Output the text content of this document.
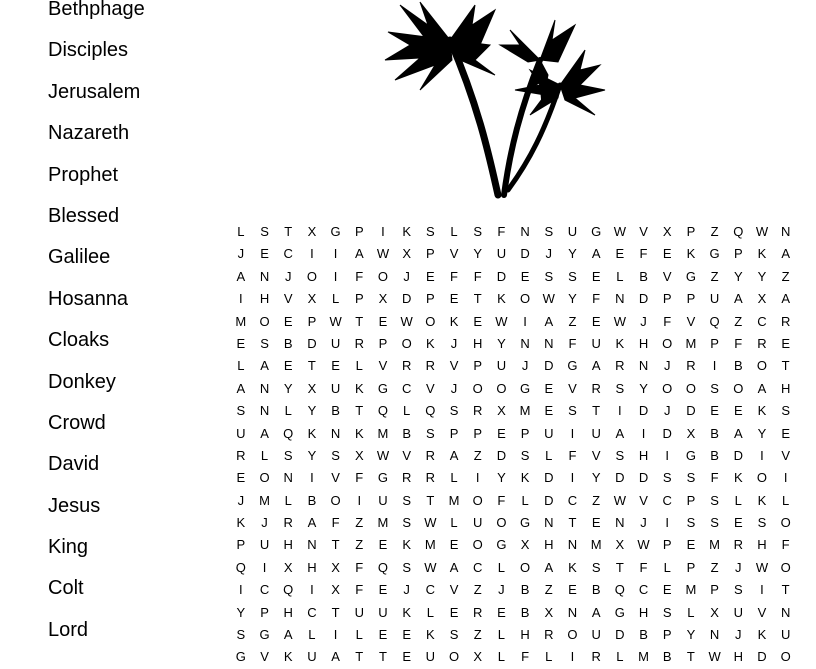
Bethphage
Disciples
Jerusalem
Nazareth
Prophet
Blessed
Galilee
Hosanna
Cloaks
Donkey
Crowd
David
Jesus
King
Colt
Lord
L	S	T	X	G	P	I	K	S	L	S	F	N	S	U	G W	V	X	P	Z	Q W N
J	E	C	I	I	A	W	X	P	V	Y	U	D	J	Y	A	E	F	E	K	G	P	K	A
A	N	J	O	I	F	O	J	E	F	F	D	E	S	S	E	L	B	V	G	Z	Y	Y	Z
I	H	V	X	L	P	X	D	P	E	T	K	O W	Y	F	N	D	P	P	U	A	X	A
M	O	E	P	W	T	E	W O	K	E	W	I	A	Z	E	W	J	F	V	Q	Z	C	R
E	S	B	D	U	R	P	O	K	J	H	Y	N	N	F	U	K	H	O	M	P	F	R	E
L	A	E	T	E	L	V	R	R	V	P	U	J	D	G	A	R	N	J	R	I	B	O	T
A	N	Y	X	U	K	G	C	V	J	O	O	G	E	V	R	S	Y	O	O	S	O	A	H
S	N	L	Y	B	T	Q	L	Q	S	R	X	M	E	S	T	I	D	J	D	E	E	K	S
U	A	Q	K	N	K	M	B	S	P	P	E	P	U	I	U	A	I	D	X	B	A	Y	E
R	L	S	Y	S	X	W	V	R	A	Z	D	S	L	F	V	S	H	I	G	B	D	I	V
E	O	N	I	V	F	G	R	R	L	I	Y	K	D	I	Y	D	D	S	S	F	K	O	I
J	M	L	B	O	I	U	S	T	M	O	F	L	D	C	Z	W	V	C	P	S	L	K	L
K	J	R	A	F	Z	M	S	W	L	U	O	G	N	T	E	N	J	I	S	S	E	S	O
P	U	H	N	T	Z	E	K	M	E	O	G	X	H	N	M	X	W	P	E	M	R	H	F
Q	I	X	H	X	F	Q	S	W	A	C	L	O	A	K	S	T	F	L	P	Z	J	W O
I	C	Q	I	X	F	E	J	C	V	Z	J	B	Z	E	B	Q	C	E	M	P	S	I	T
Y	P	H	C	T	U	U	K	L	E	R	E	B	X	N	A	G	H	S	L	X	U	V	N
S	G	A	L	I	L	E	E	K	S	Z	L	H	R	O	U	D	B	P	Y	N	J	K	U
G	V	K	U	A	T	T	E	U	O	X	L	F	L	I	R	L	M	B	T	W H	D	O
